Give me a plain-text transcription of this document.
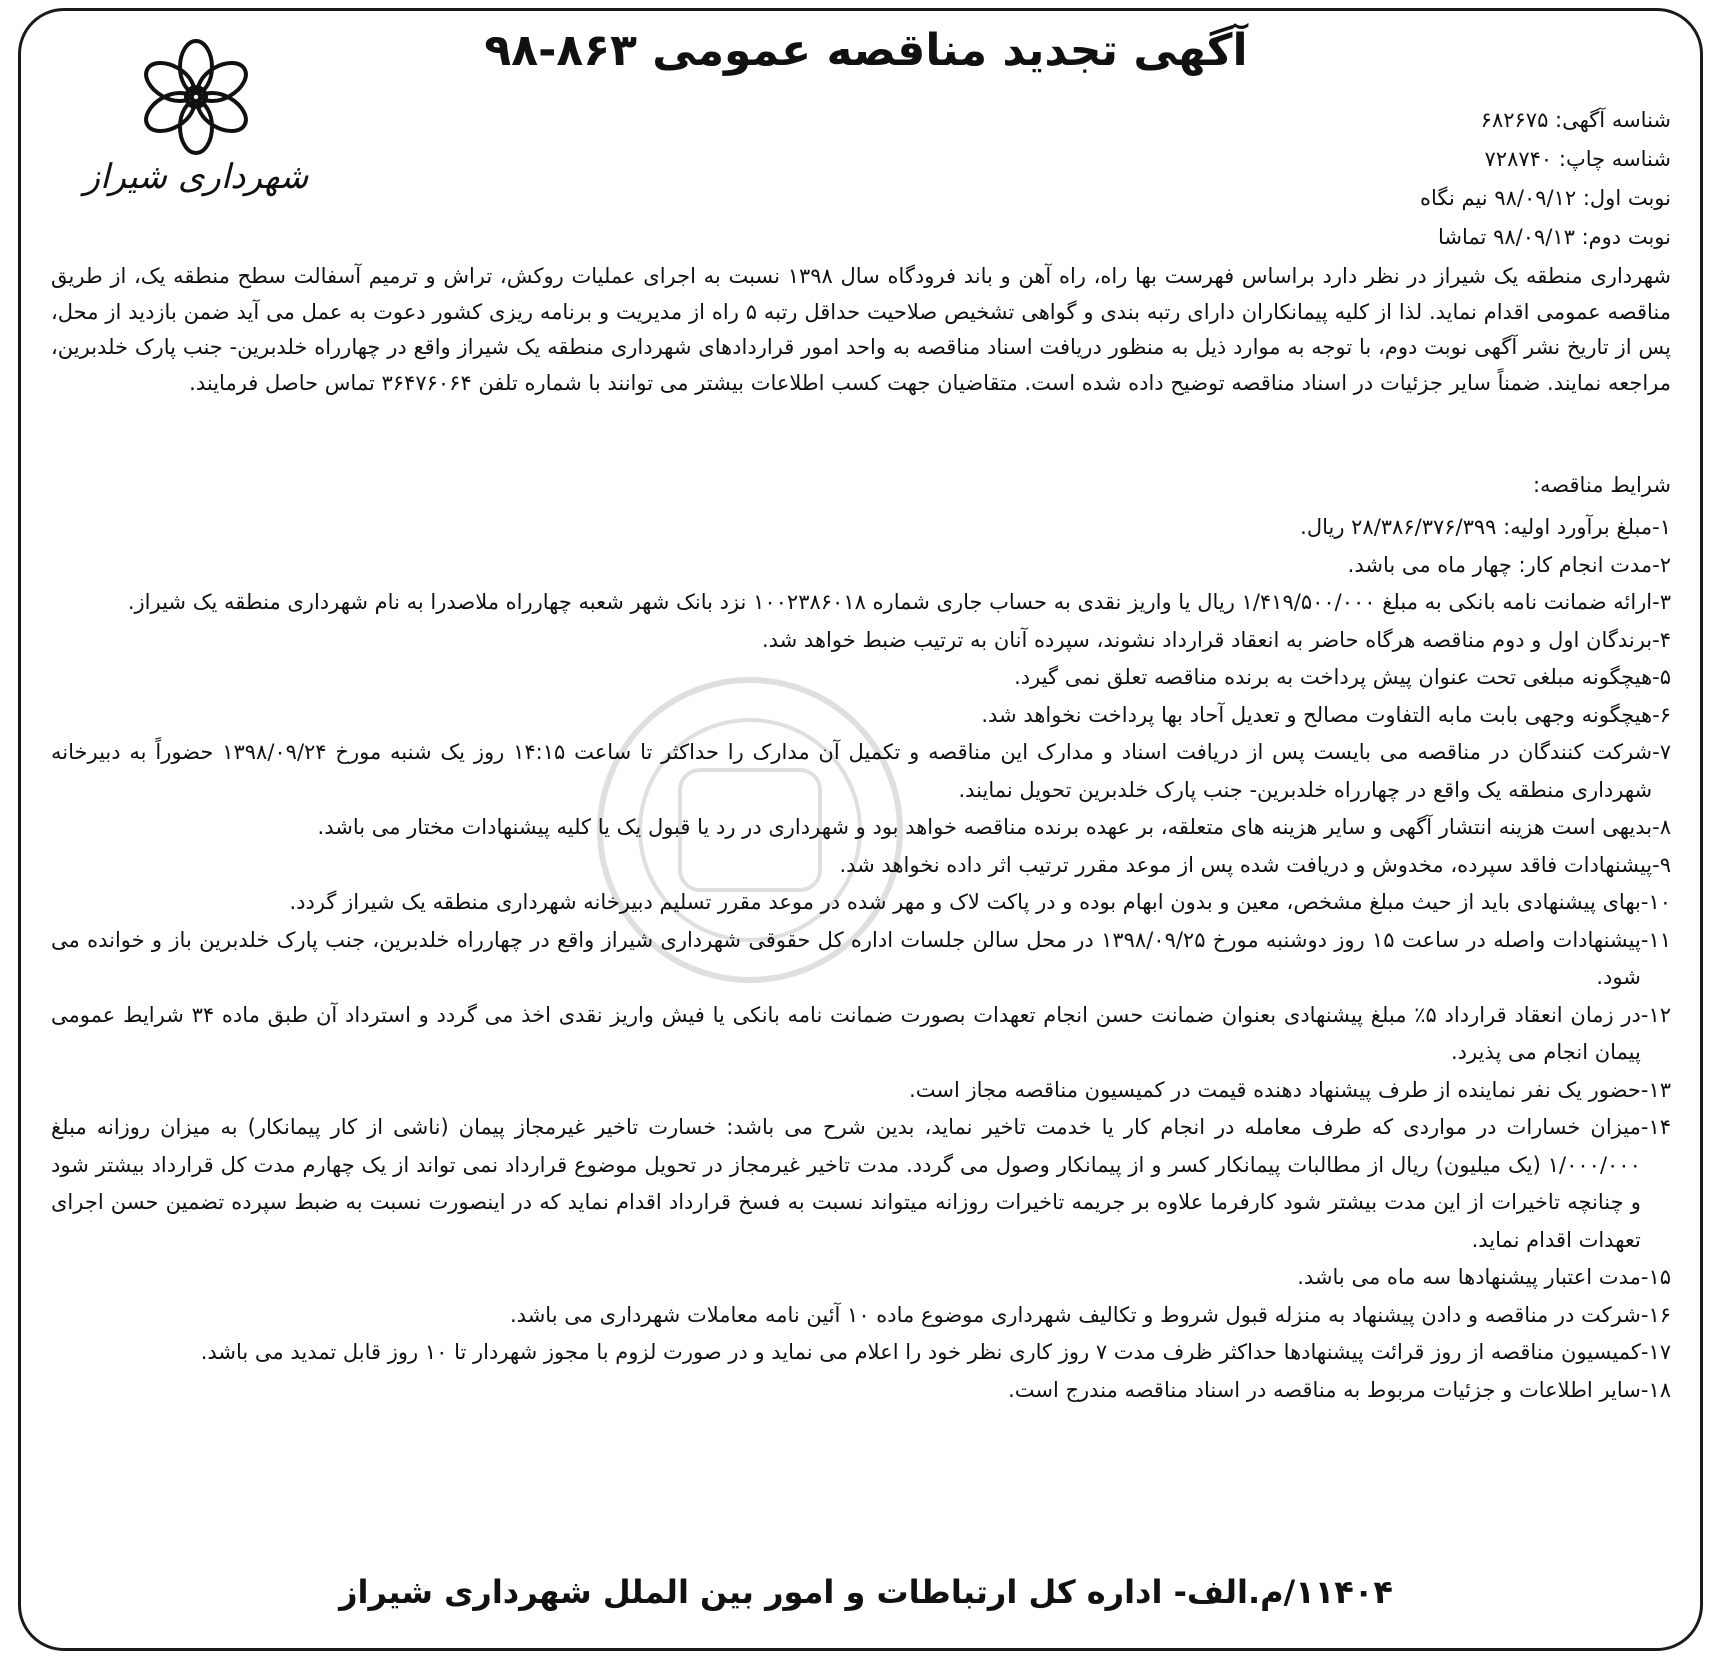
آگهی تجدید مناقصه عمومی ۸۶۳-۹۸
شهرداری شیراز
شناسه آگهی: ۶۸۲۶۷۵
شناسه چاپ: ۷۲۸۷۴۰
نوبت اول: ۹۸/۰۹/۱۲ نیم نگاه
نوبت دوم: ۹۸/۰۹/۱۳ تماشا
شهرداری منطقه یک شیراز در نظر دارد براساس فهرست بها راه، راه آهن و باند فرودگاه سال ۱۳۹۸ نسبت به اجرای عملیات روکش، تراش و ترمیم آسفالت سطح منطقه یک، از طریق مناقصه عمومی اقدام نماید. لذا از کلیه پیمانکاران دارای رتبه بندی و گواهی تشخیص صلاحیت حداقل رتبه ۵ راه از مدیریت و برنامه ریزی کشور دعوت به عمل می آید ضمن بازدید از محل، پس از تاریخ نشر آگهی نوبت دوم، با توجه به موارد ذیل به منظور دریافت اسناد مناقصه به واحد امور قراردادهای شهرداری منطقه یک شیراز واقع در چهارراه خلدبرین- جنب پارک خلدبرین، مراجعه نمایند. ضمناً سایر جزئیات در اسناد مناقصه توضیح داده شده است. متقاضیان جهت کسب اطلاعات بیشتر می توانند با شماره تلفن ۳۶۴۷۶۰۶۴ تماس حاصل فرمایند.
شرایط مناقصه:
۱-
مبلغ برآورد اولیه: ۲۸/۳۸۶/۳۷۶/۳۹۹ ریال.
۲-
مدت انجام کار: چهار ماه می باشد.
۳-
ارائه ضمانت نامه بانکی به مبلغ ۱/۴۱۹/۵۰۰/۰۰۰ ریال یا واریز نقدی به حساب جاری شماره ۱۰۰۲۳۸۶۰۱۸ نزد بانک شهر شعبه چهارراه ملاصدرا به نام شهرداری منطقه یک شیراز.
۴-
برندگان اول و دوم مناقصه هرگاه حاضر به انعقاد قرارداد نشوند، سپرده آنان به ترتیب ضبط خواهد شد.
۵-
هیچگونه مبلغی تحت عنوان پیش پرداخت به برنده مناقصه تعلق نمی گیرد.
۶-
هیچگونه وجهی بابت مابه التفاوت مصالح و تعدیل آحاد بها پرداخت نخواهد شد.
۷-
شرکت کنندگان در مناقصه می بایست پس از دریافت اسناد و مدارک این مناقصه و تکمیل آن مدارک را حداکثر تا ساعت ۱۴:۱۵ روز یک شنبه مورخ ۱۳۹۸/۰۹/۲۴ حضوراً به دبیرخانه شهرداری منطقه یک واقع در چهارراه خلدبرین- جنب پارک خلدبرین تحویل نمایند.
۸-
بدیهی است هزینه انتشار آگهی و سایر هزینه های متعلقه، بر عهده برنده مناقصه خواهد بود و شهرداری در رد یا قبول یک یا کلیه پیشنهادات مختار می باشد.
۹-
پیشنهادات فاقد سپرده، مخدوش و دریافت شده پس از موعد مقرر ترتیب اثر داده نخواهد شد.
۱۰-
بهای پیشنهادی باید از حیث مبلغ مشخص، معین و بدون ابهام بوده و در پاکت لاک و مهر شده در موعد مقرر تسلیم دبیرخانه شهرداری منطقه یک شیراز گردد.
۱۱-
پیشنهادات واصله در ساعت ۱۵ روز دوشنبه مورخ ۱۳۹۸/۰۹/۲۵ در محل سالن جلسات اداره کل حقوقی شهرداری شیراز واقع در چهارراه خلدبرین، جنب پارک خلدبرین باز و خوانده می شود.
۱۲-
در زمان انعقاد قرارداد ۵٪ مبلغ پیشنهادی بعنوان ضمانت حسن انجام تعهدات بصورت ضمانت نامه بانکی یا فیش واریز نقدی اخذ می گردد و استرداد آن طبق ماده ۳۴ شرایط عمومی پیمان انجام می پذیرد.
۱۳-
حضور یک نفر نماینده از طرف پیشنهاد دهنده قیمت در کمیسیون مناقصه مجاز است.
۱۴-
میزان خسارات در مواردی که طرف معامله در انجام کار یا خدمت تاخیر نماید، بدین شرح می باشد: خسارت تاخیر غیرمجاز پیمان (ناشی از کار پیمانکار) به میزان روزانه مبلغ ۱/۰۰۰/۰۰۰ (یک میلیون) ریال از مطالبات پیمانکار کسر و از پیمانکار وصول می گردد. مدت تاخیر غیرمجاز در تحویل موضوع قرارداد نمی تواند از یک چهارم مدت کل قرارداد بیشتر شود و چنانچه تاخیرات از این مدت بیشتر شود کارفرما علاوه بر جریمه تاخیرات روزانه میتواند نسبت به فسخ قرارداد اقدام نماید که در اینصورت نسبت به ضبط سپرده تضمین حسن اجرای تعهدات اقدام نماید.
۱۵-
مدت اعتبار پیشنهادها سه ماه می باشد.
۱۶-
شرکت در مناقصه و دادن پیشنهاد به منزله قبول شروط و تکالیف شهرداری موضوع ماده ۱۰ آئین نامه معاملات شهرداری می باشد.
۱۷-
کمیسیون مناقصه از روز قرائت پیشنهادها حداکثر ظرف مدت ۷ روز کاری نظر خود را اعلام می نماید و در صورت لزوم با مجوز شهردار تا ۱۰ روز قابل تمدید می باشد.
۱۸-
سایر اطلاعات و جزئیات مربوط به مناقصه در اسناد مناقصه مندرج است.
۱۱۴۰۴/م.الف- اداره کل ارتباطات و امور بین الملل شهرداری شیراز
